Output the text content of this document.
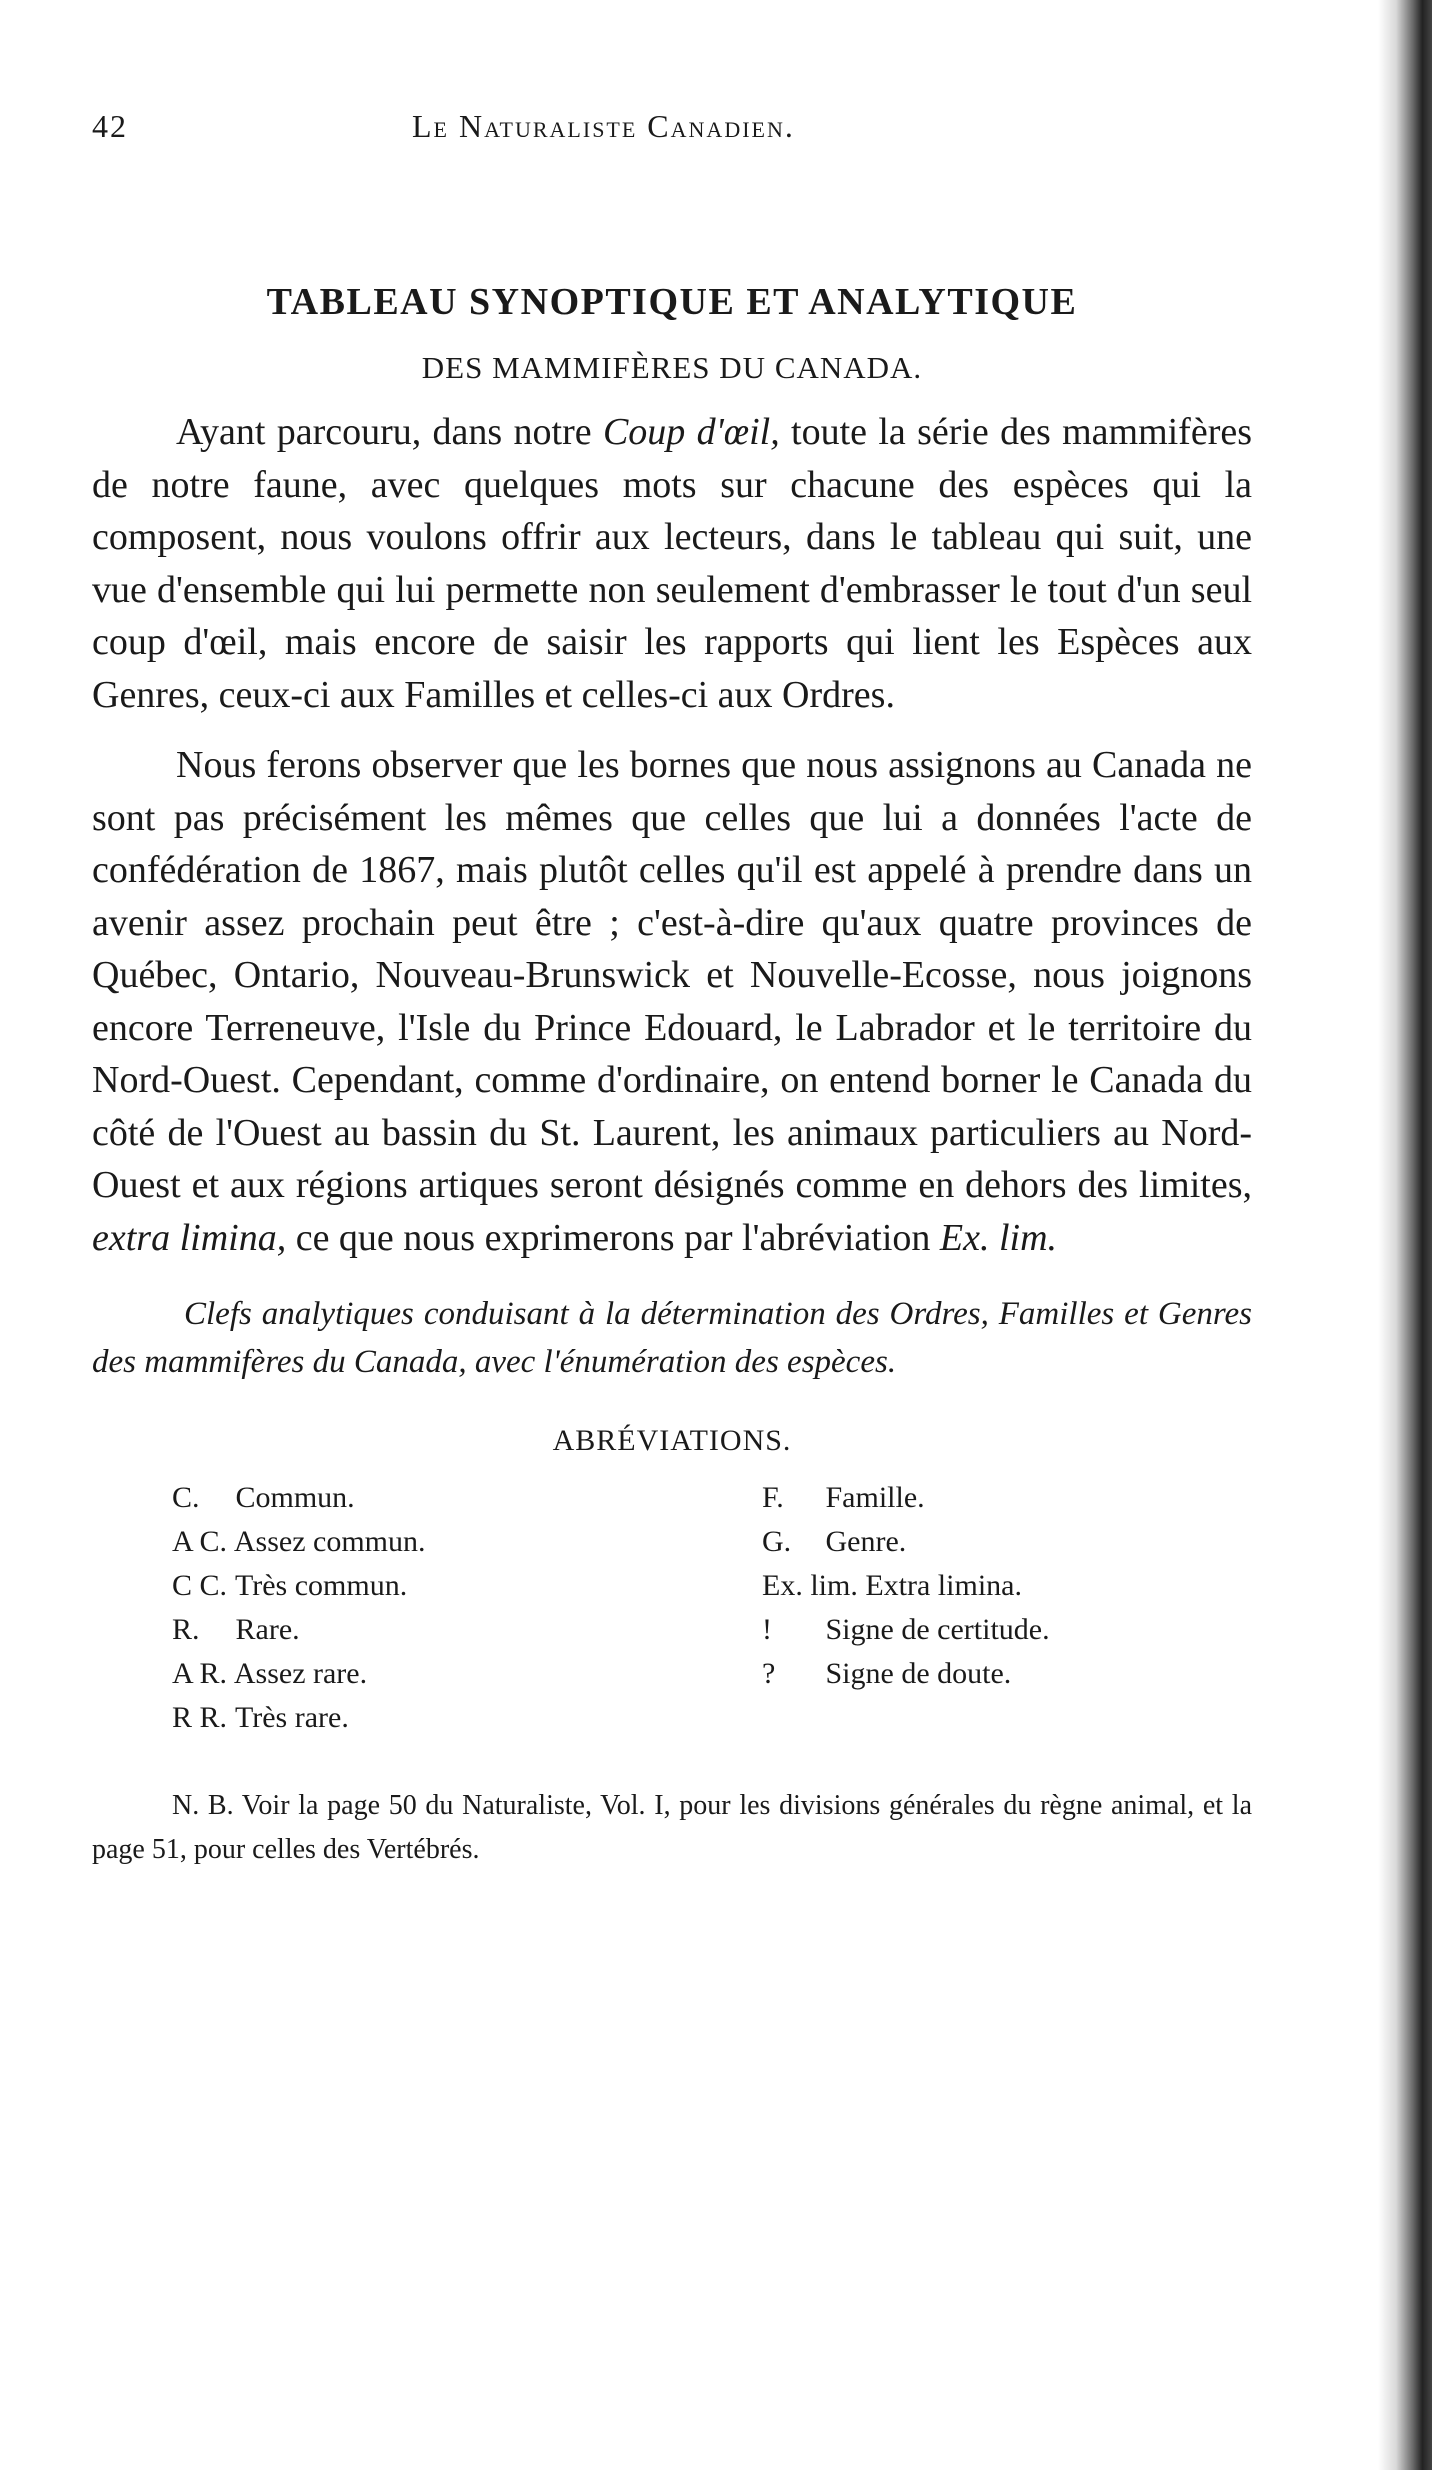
42	Le Naturaliste Canadien.
TABLEAU SYNOPTIQUE ET ANALYTIQUE
DES MAMMIFÈRES DU CANADA.

Ayant parcouru, dans notre Coup d'œil, toute la série des mammifères de notre faune, avec quelques mots sur chacune des espèces qui la composent, nous voulons offrir aux lecteurs, dans le tableau qui suit, une vue d'ensemble qui lui permette non seulement d'embrasser le tout d'un seul coup d'œil, mais encore de saisir les rapports qui lient les Espèces aux Genres, ceux-ci aux Familles et celles-ci aux Ordres.

Nous ferons observer que les bornes que nous assignons au Canada ne sont pas précisément les mêmes que celles que lui a données l'acte de confédération de 1867, mais plutôt celles qu'il est appelé à prendre dans un avenir assez prochain peut être ; c'est-à-dire qu'aux quatre provinces de Québec, Ontario, Nouveau-Brunswick et Nouvelle-Ecosse, nous joignons encore Terreneuve, l'Isle du Prince Edouard, le Labrador et le territoire du Nord-Ouest. Cependant, comme d'ordinaire, on entend borner le Canada du côté de l'Ouest au bassin du St. Laurent, les animaux particuliers au Nord-Ouest et aux régions artiques seront désignés comme en dehors des limites, extra limina, ce que nous exprimerons par l'abréviation Ex. lim.

Clefs analytiques conduisant à la détermination des Ordres, Familles et Genres des mammifères du Canada, avec l'énumération des espèces.

ABRÉVIATIONS.
C. Commun.
A C. Assez commun.
C C. Très commun.
R. Rare.
A R. Assez rare.
R R. Très rare.
F. Famille.
G. Genre.
Ex. lim. Extra limina.
! Signe de certitude.
? Signe de doute.

N. B. Voir la page 50 du Naturaliste, Vol. I, pour les divisions générales du règne animal, et la page 51, pour celles des Vertébrés.
